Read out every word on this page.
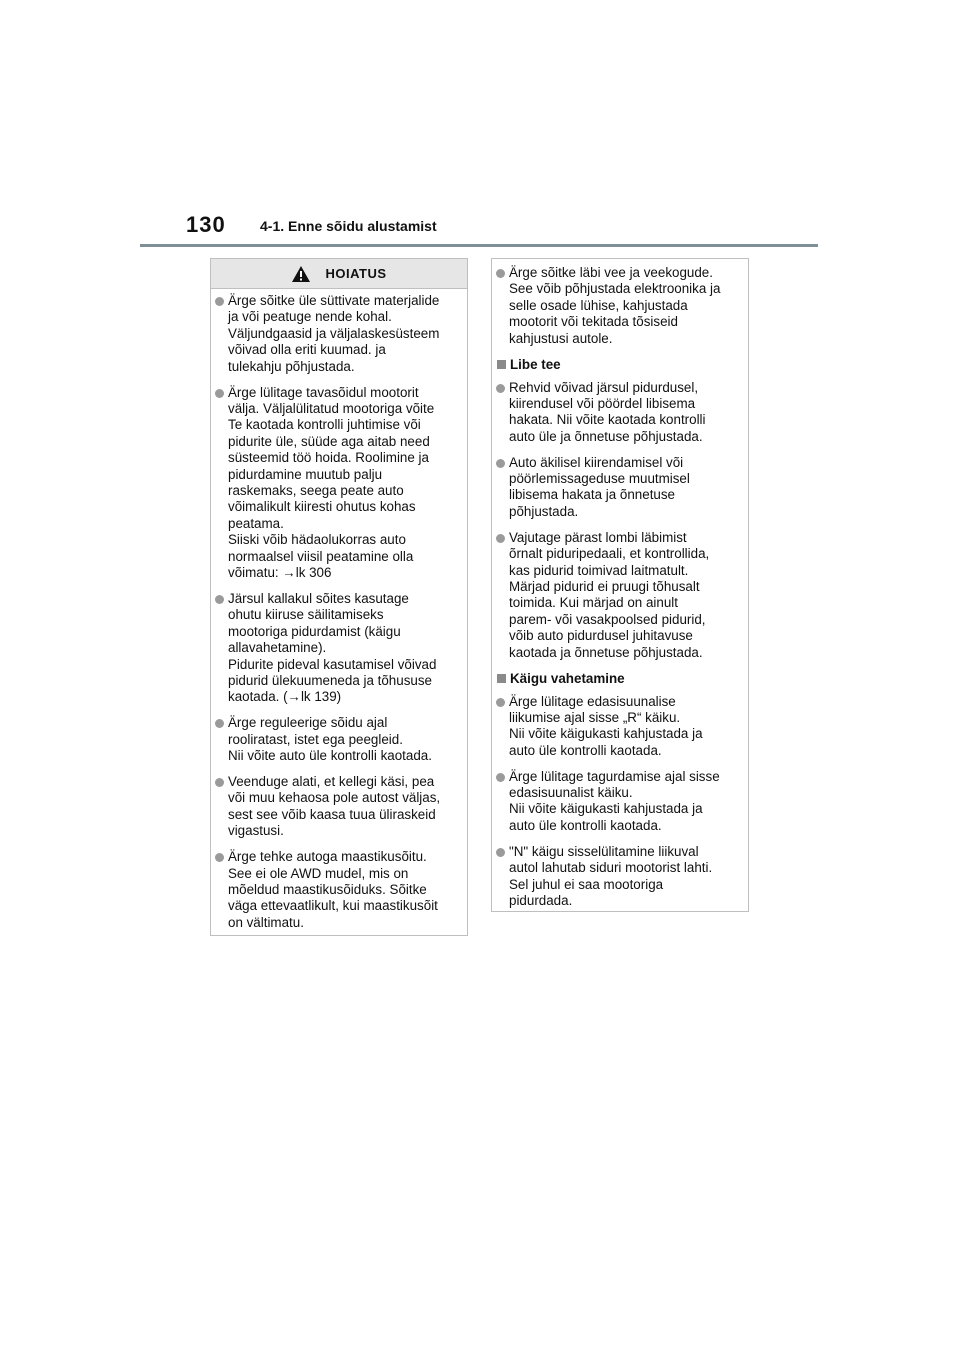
130 4-1. Enne sõidu alustamist
HOIATUS
Ärge sõitke üle süttivate materjalide
ja või peatuge nende kohal.
Väljundgaasid ja väljalaskesüsteem
võivad olla eriti kuumad. ja
tulekahju põhjustada.
Ärge lülitage tavasõidul mootorit
välja. Väljalülitatud mootoriga võite
Te kaotada kontrolli juhtimise või
pidurite üle, süüde aga aitab need
süsteemid töö hoida. Roolimine ja
pidurdamine muutub palju
raskemaks, seega peate auto
võimalikult kiiresti ohutus kohas
peatama.
Siiski võib hädaolukorras auto
normaalsel viisil peatamine olla
võimatu: →lk 306
Järsul kallakul sõites kasutage
ohutu kiiruse säilitamiseks
mootoriga pidurdamist (käigu
allavahetamine).
Pidurite pideval kasutamisel võivad
pidurid ülekuumeneda ja tõhususe
kaotada. (→lk 139)
Ärge reguleerige sõidu ajal
rooliratast, istet ega peegleid.
Nii võite auto üle kontrolli kaotada.
Veenduge alati, et kellegi käsi, pea
või muu kehaosa pole autost väljas,
sest see võib kaasa tuua üliraskeid
vigastusi.
Ärge tehke autoga maastikusõitu.
See ei ole AWD mudel, mis on
mõeldud maastikusõiduks. Sõitke
väga ettevaatlikult, kui maastikusõit
on vältimatu.
Ärge sõitke läbi vee ja veekogude.
See võib põhjustada elektroonika ja
selle osade lühise, kahjustada
mootorit või tekitada tõsiseid
kahjustusi autole.
Libe tee
Rehvid võivad järsul pidurdusel,
kiirendusel või pöördel libisema
hakata. Nii võite kaotada kontrolli
auto üle ja õnnetuse põhjustada.
Auto äkilisel kiirendamisel või
pöörlemissageduse muutmisel
libisema hakata ja õnnetuse
põhjustada.
Vajutage pärast lombi läbimist
õrnalt piduripedaali, et kontrollida,
kas pidurid toimivad laitmatult.
Märjad pidurid ei pruugi tõhusalt
toimida. Kui märjad on ainult
parem- või vasakpoolsed pidurid,
võib auto pidurdusel juhitavuse
kaotada ja õnnetuse põhjustada.
Käigu vahetamine
Ärge lülitage edasisuunalise
liikumise ajal sisse „R“ käiku.
Nii võite käigukasti kahjustada ja
auto üle kontrolli kaotada.
Ärge lülitage tagurdamise ajal sisse
edasisuunalist käiku.
Nii võite käigukasti kahjustada ja
auto üle kontrolli kaotada.
"N" käigu sisselülitamine liikuval
autol lahutab siduri mootorist lahti.
Sel juhul ei saa mootoriga
pidurdada.
